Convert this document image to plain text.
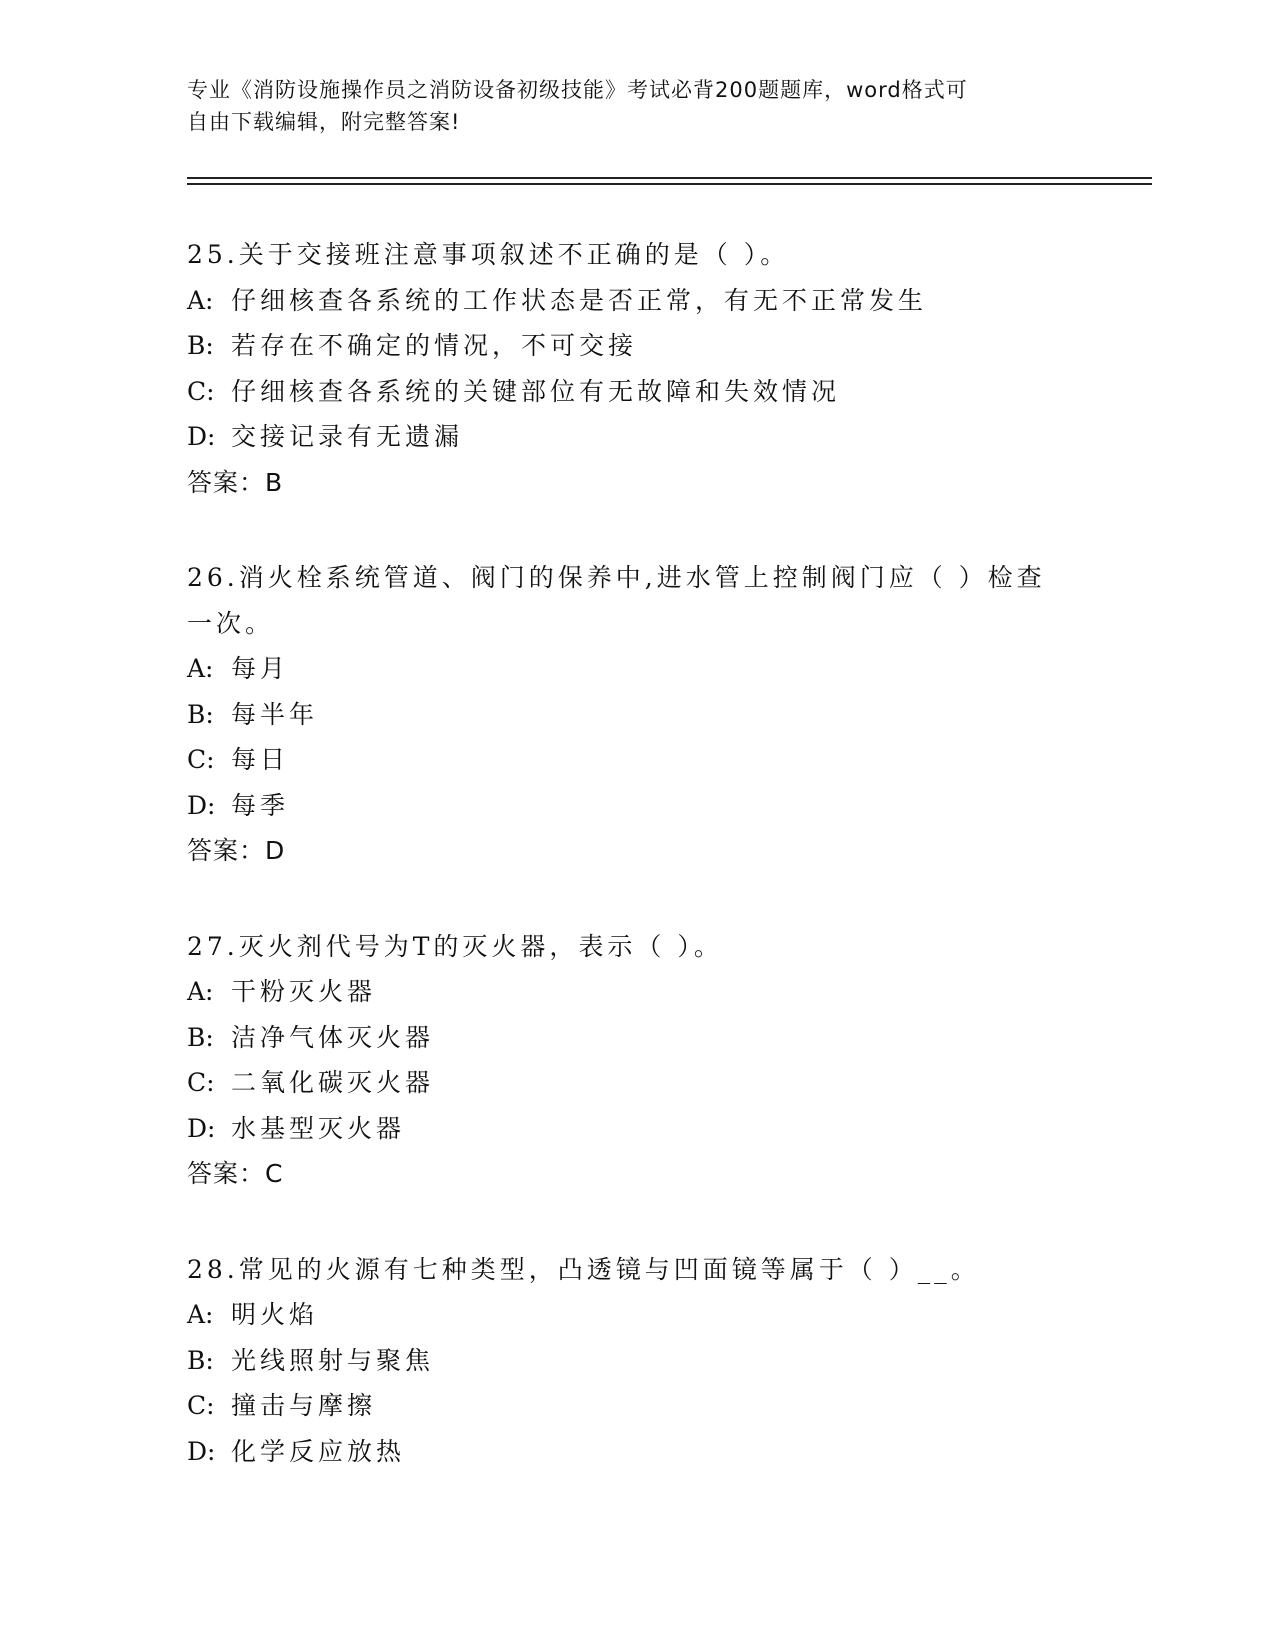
专业《消防设施操作员之消防设备初级技能》考试必背200题题库，word格式可
自由下载编辑，附完整答案!
25.关于交接班注意事项叙述不正确的是（ ）。
A: 仔细核查各系统的工作状态是否正常，有无不正常发生
B: 若存在不确定的情况，不可交接
C: 仔细核查各系统的关键部位有无故障和失效情况
D: 交接记录有无遗漏
答案：B
26.消火栓系统管道、阀门的保养中,进水管上控制阀门应（ ）检查
一次。
A: 每月
B: 每半年
C: 每日
D: 每季
答案：D
27.灭火剂代号为T的灭火器，表示（ ）。
A: 干粉灭火器
B: 洁净气体灭火器
C: 二氧化碳灭火器
D: 水基型灭火器
答案：C
28.常见的火源有七种类型，凸透镜与凹面镜等属于（ ）__。
A: 明火焰
B: 光线照射与聚焦
C: 撞击与摩擦
D: 化学反应放热
